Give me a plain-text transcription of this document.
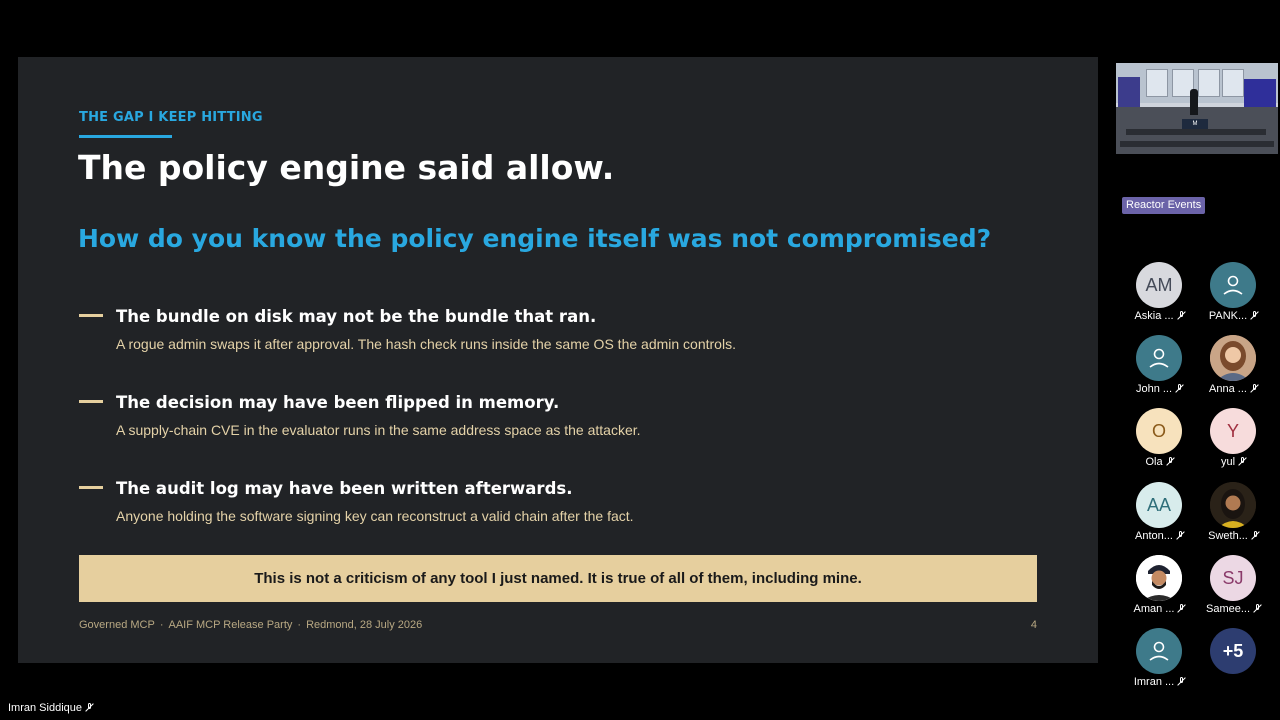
THE GAP I KEEP HITTING
The policy engine said allow.
How do you know the policy engine itself was not compromised?
The bundle on disk may not be the bundle that ran.
A rogue admin swaps it after approval. The hash check runs inside the same OS the admin controls.
The decision may have been flipped in memory.
A supply-chain CVE in the evaluator runs in the same address space as the attacker.
The audit log may have been written afterwards.
Anyone holding the software signing key can reconstruct a valid chain after the fact.
This is not a criticism of any tool I just named. It is true of all of them, including mine.
Governed MCP · AAIF MCP Release Party · Redmond, 28 July 2026	4
M
Reactor Events
AM
Askia ...	PANK...
John ...	Anna ...
O
Ola
Y
yul
AA
Anton...	Sweth...
Aman ...
SJ
Samee...
Imran ...
+5
Imran Siddique
